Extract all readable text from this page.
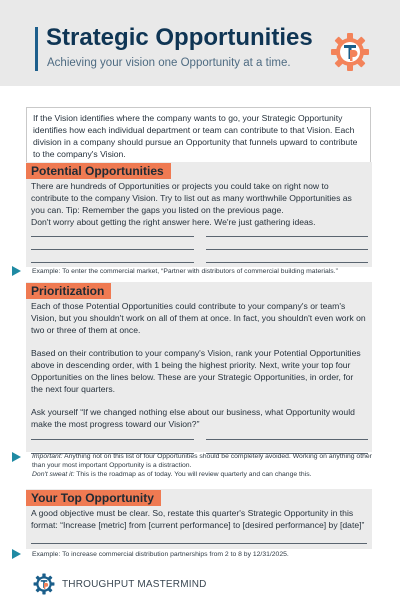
Strategic Opportunities
Achieving your vision one Opportunity at a time.
If the Vision identifies where the company wants to go, your Strategic Opportunity identifies how each individual department or team can contribute to that Vision. Each division in a company should pursue an Opportunity that funnels upward to contribute to the company's Vision.
Potential Opportunities
There are hundreds of Opportunities or projects you could take on right now to contribute to the company Vision. Try to list out as many worthwhile Opportunities as you can. Tip: Remember the gaps you listed on the previous page.
Don't worry about getting the right answer here. We're just gathering ideas.
Example: To enter the commercial market, “Partner with distributors of commercial building materials.”
Prioritization

Each of those Potential Opportunities could contribute to your company's or team's Vision, but you shouldn't work on all of them at once. In fact, you shouldn't even work on two or three of them at once.

Based on their contribution to your company's Vision, rank your Potential Opportunities above in descending order, with 1 being the highest priority. Next, write your top four Opportunities on the lines below. These are your Strategic Opportunities, in order, for the next four quarters.

Ask yourself “If we changed nothing else about our business, what Opportunity would make the most progress toward our Vision?”

Important: Anything not on this list of four Opportunities should be completely avoided. Working on anything other than your most important Opportunity is a distraction.
Don't sweat it: This is the roadmap as of today. You will review quarterly and can change this.
Your Top Opportunity
A good objective must be clear. So, restate this quarter's Strategic Opportunity in this format: “Increase [metric] from [current performance] to [desired performance] by [date]”
Example: To increase commercial distribution partnerships from 2 to 8 by 12/31/2025.
THROUGHPUT MASTERMIND
